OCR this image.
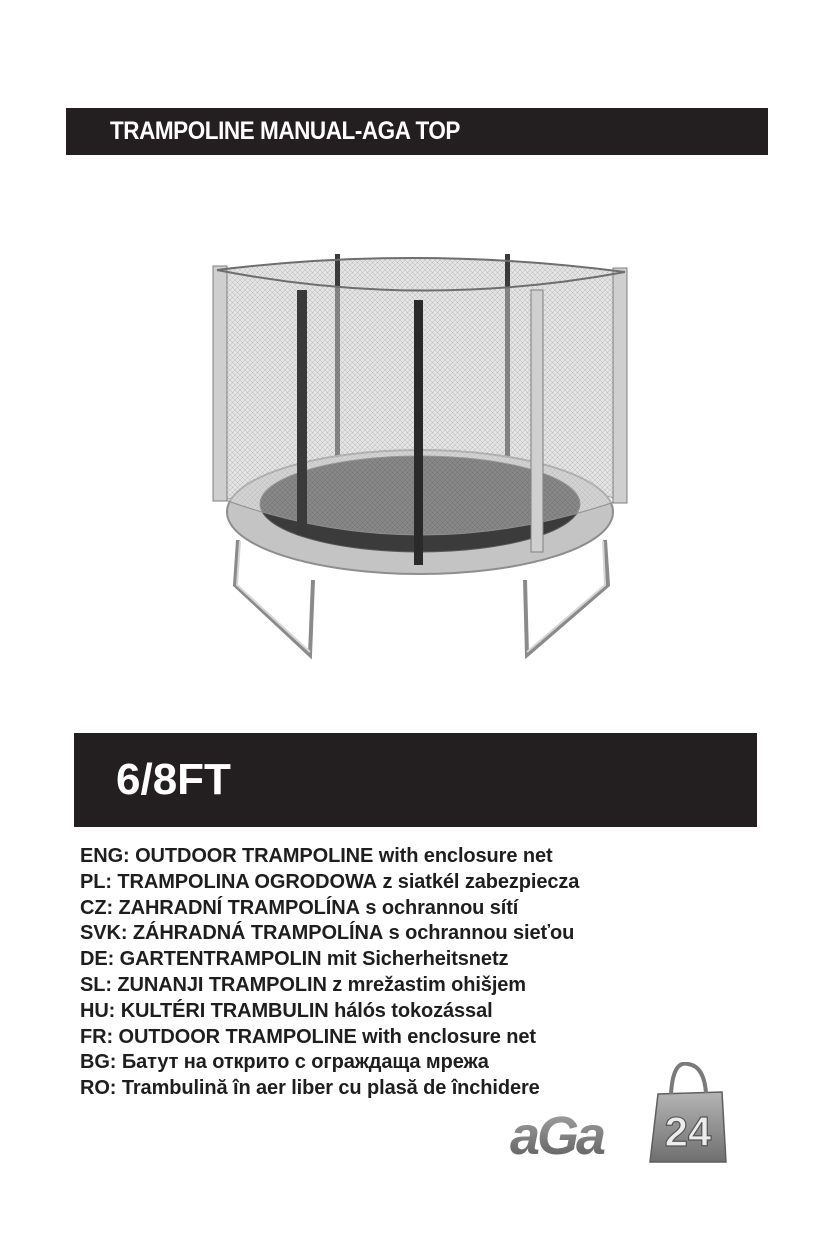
TRAMPOLINE MANUAL-AGA TOP
6/8FT
ENG: OUTDOOR TRAMPOLINE with enclosure net
PL: TRAMPOLINA OGRODOWA z siatkél zabezpiecza
CZ: ZAHRADNÍ TRAMPOLÍNA s ochrannou sítí
SVK: ZÁHRADNÁ TRAMPOLÍNA s ochrannou sieťou
DE: GARTENTRAMPOLIN mit Sicherheitsnetz
SL: ZUNANJI TRAMPOLIN z mrežastim ohišjem
HU: KULTÉRI TRAMBULIN hálós tokozással
FR: OUTDOOR TRAMPOLINE with enclosure net
BG: Батут на открито с ограждаща мрежа
RO: Trambulină în aer liber cu plasă de închidere
24
aGa
